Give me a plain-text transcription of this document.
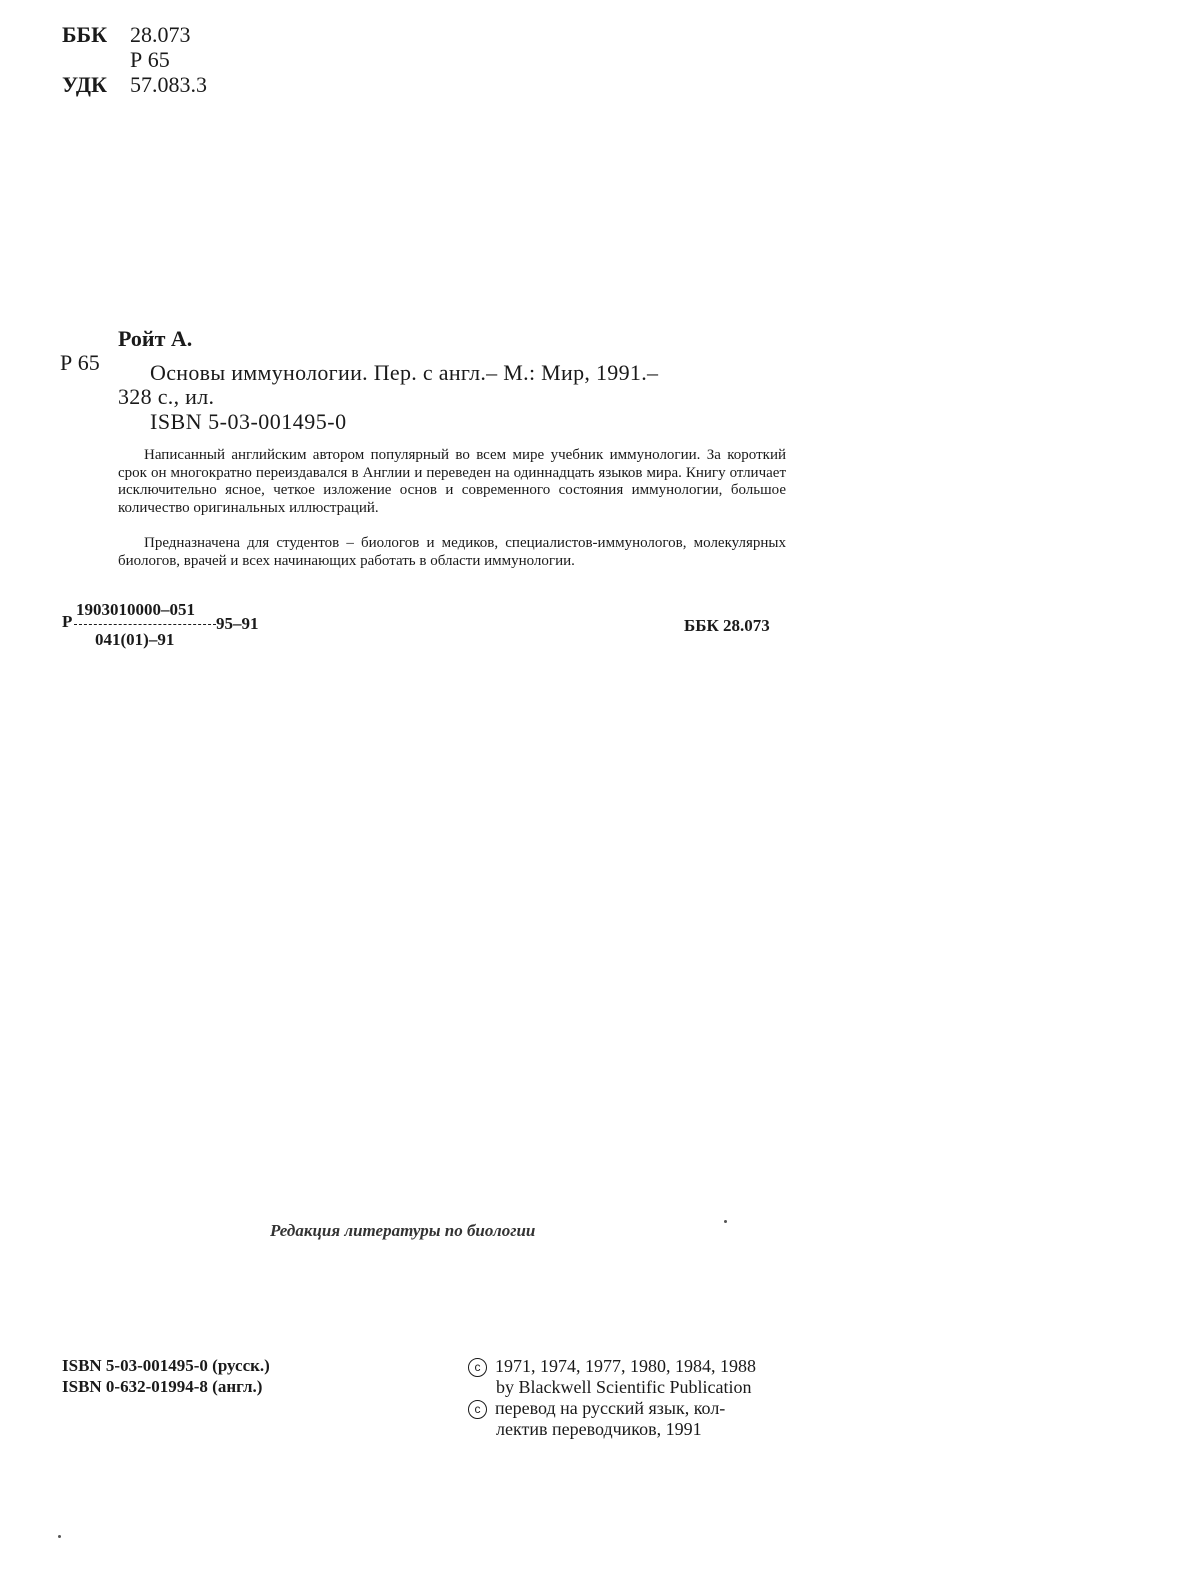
ББК 28.073
Р 65
УДК 57.083.3
Ройт А.
Р 65 Основы иммунологии. Пер. с англ.– М.: Мир, 1991.–
328 с., ил.
ISBN 5-03-001495-0

Написанный английским автором популярный во всем мире учебник иммунологии. За короткий срок он многократно переиздавался в Англии и переведен на одиннадцать языков мира. Книгу отличает исключительно ясное, четкое изложение основ и современного состояния иммунологии, большое количество оригинальных иллюстраций.

Предназначена для студентов – биологов и медиков, специалистов-иммунологов, молекулярных биологов, врачей и всех начинающих работать в области иммунологии.

Р
1903010000–051
041(01)–91
95–91	ББК 28.073
Редакция литературы по биологии
ISBN 5-03-001495-0 (русск.)
ISBN 0-632-01994-8 (англ.)
c 1971, 1974, 1977, 1980, 1984, 1988
by Blackwell Scientific Publication
c перевод на русский язык, кол-
лектив переводчиков, 1991
